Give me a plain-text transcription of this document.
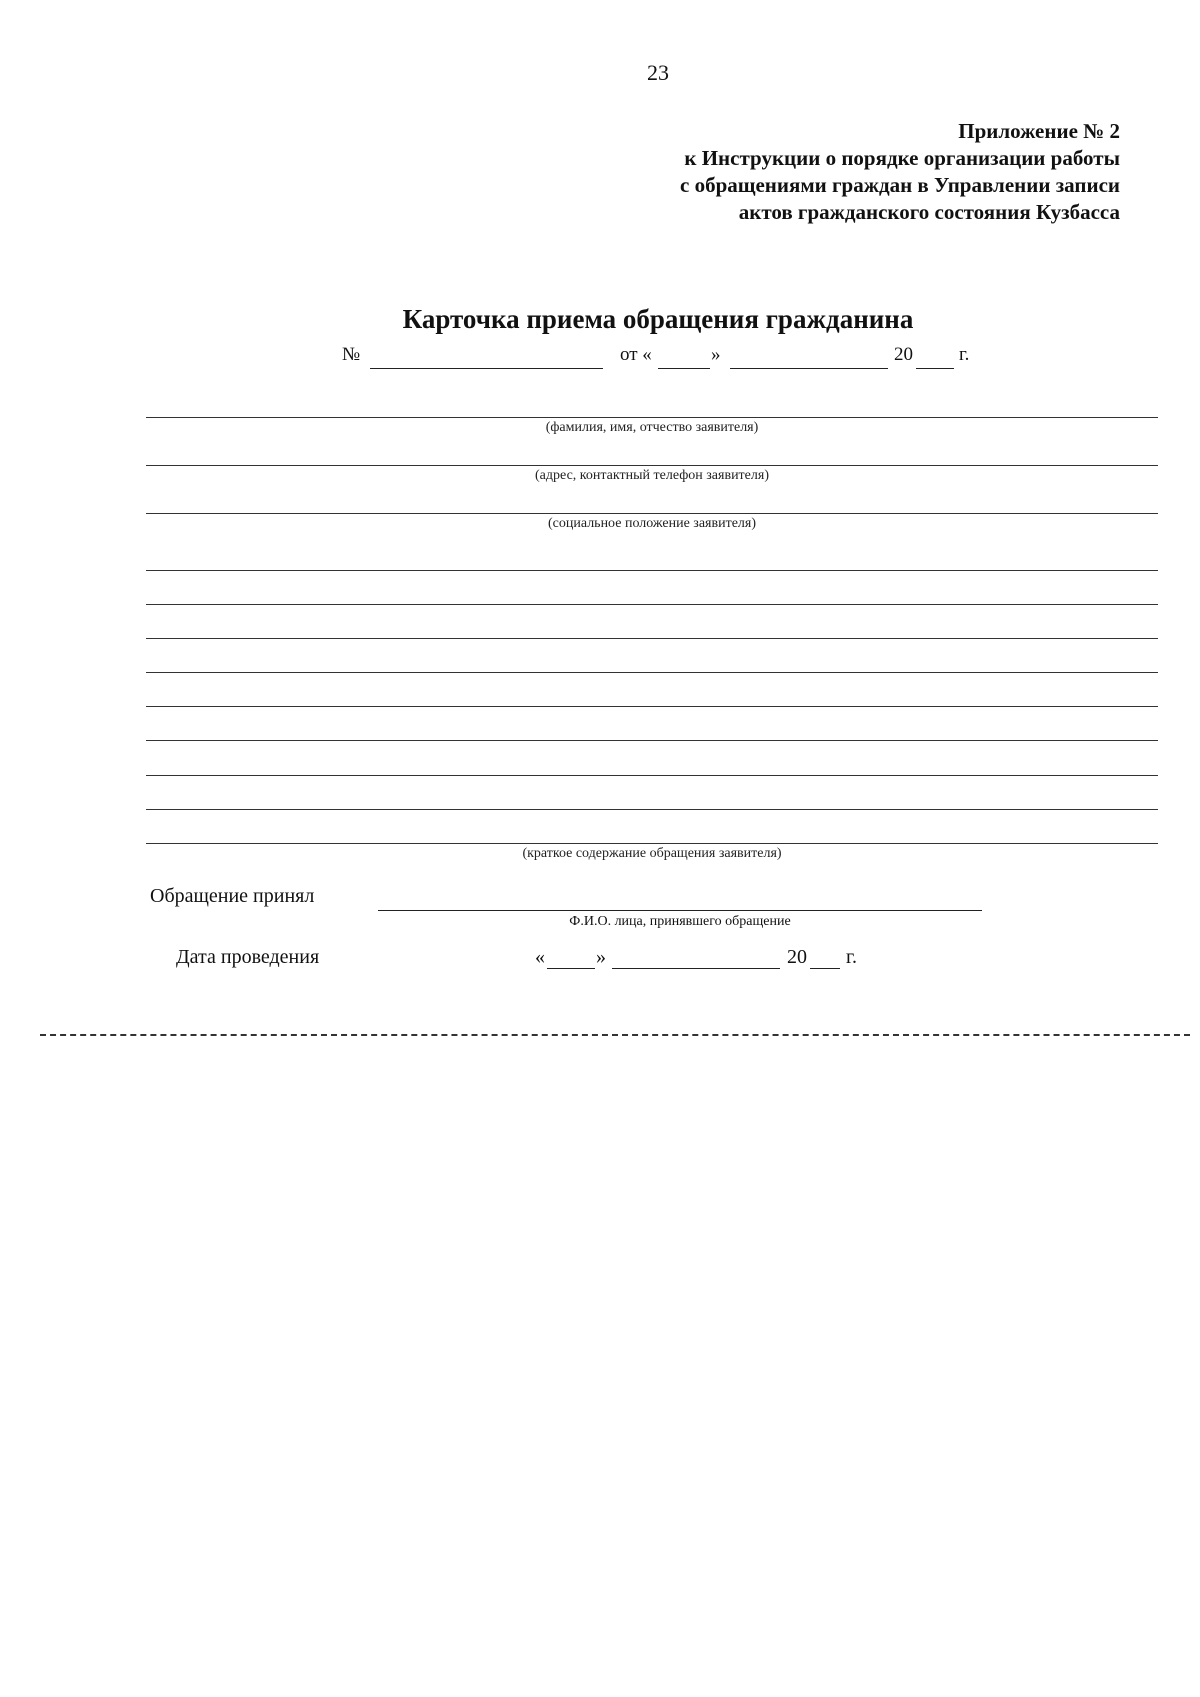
23
Приложение № 2
к Инструкции о порядке организации работы
с обращениями граждан в Управлении записи
актов гражданского состояния Кузбасса
Карточка приема обращения гражданина
№	от «	»	20 г.
(фамилия, имя, отчество заявителя)
(адрес, контактный телефон заявителя)
(социальное положение заявителя)
(краткое содержание обращения заявителя)
Обращение принял
Ф.И.О. лица, принявшего обращение
Дата проведения	«	»	20 г.
